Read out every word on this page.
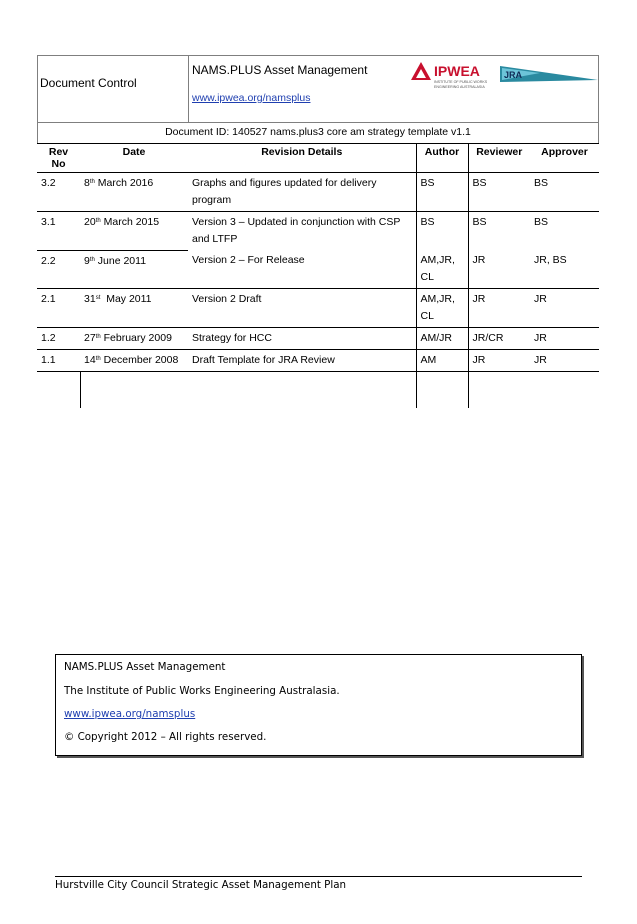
Document Control
NAMS.PLUS Asset Management
www.ipwea.org/namsplus
IPWEA
INSTITUTE OF PUBLIC WORKS
ENGINEERING AUSTRALASIA
JRA
Document ID: 140527 nams.plus3 core am strategy template v1.1
Rev No	Date	Revision Details	Author	Reviewer	Approver
3.2	8th March 2016	Graphs and figures updated for delivery program	BS	BS	BS
3.1	20th March 2015	Version 3 – Updated in conjunction with CSP and LTFP	BS	BS	BS
2.2	9th June 2011	Version 2 – For Release	AM,JR, CL	JR	JR, BS
2.1	31st  May 2011	Version 2 Draft	AM,JR, CL	JR	JR
1.2	27th February 2009	Strategy for HCC	AM/JR	JR/CR	JR
1.1	14th December 2008	Draft Template for JRA Review	AM	JR	JR

NAMS.PLUS Asset Management
The Institute of Public Works Engineering Australasia.
www.ipwea.org/namsplus
© Copyright 2012 – All rights reserved.
Hurstville City Council Strategic Asset Management Plan
